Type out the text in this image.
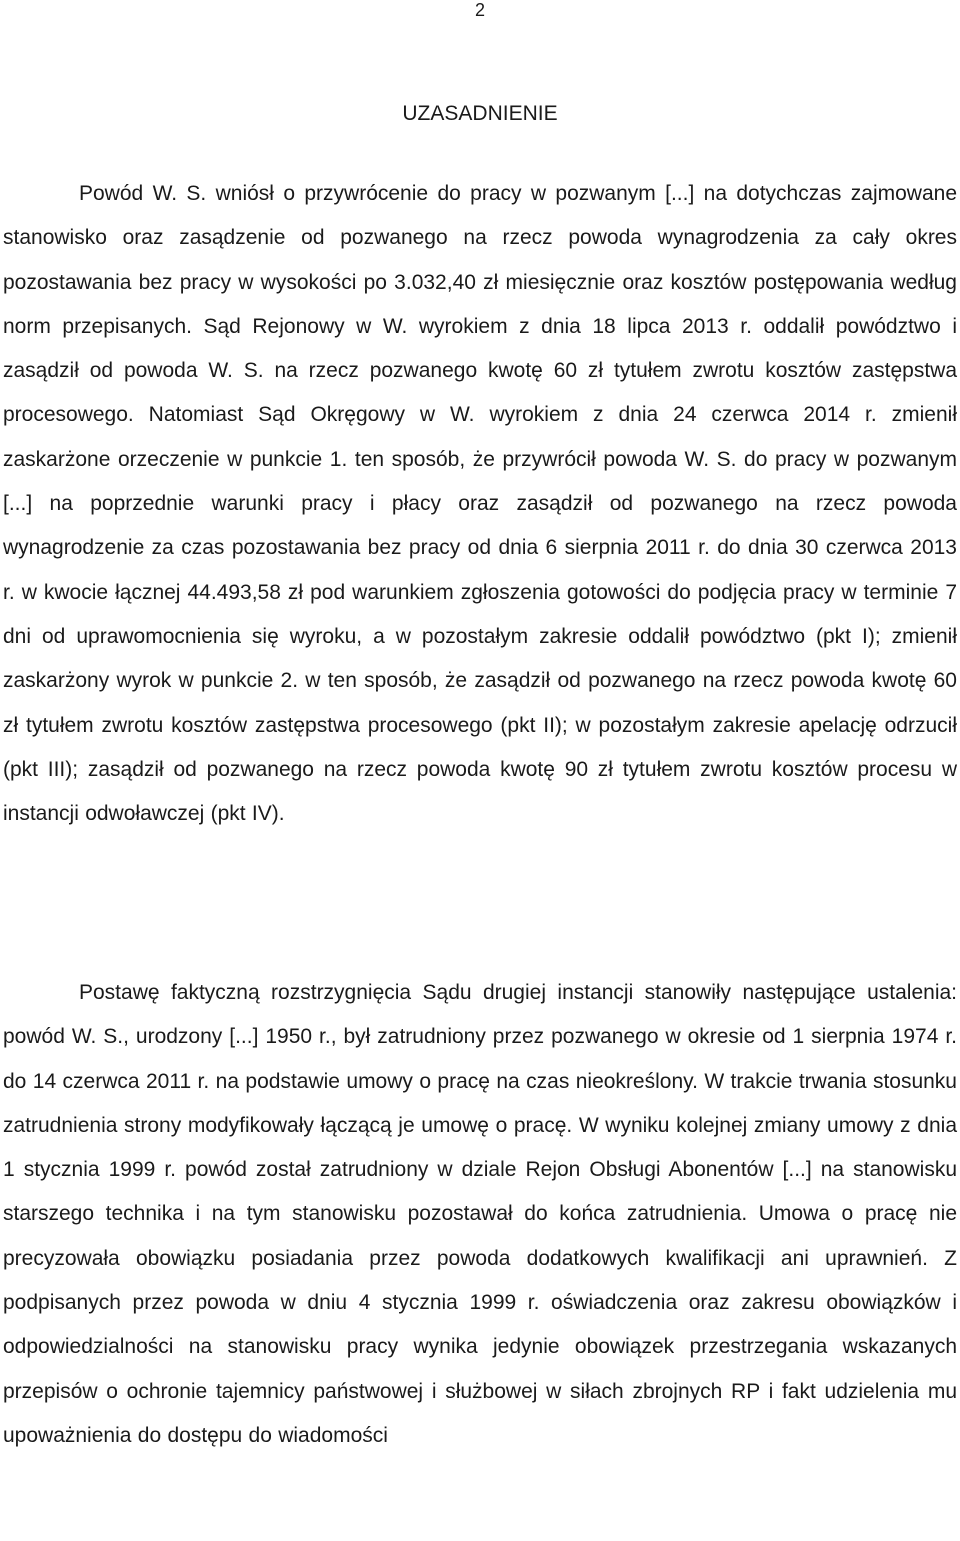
2
UZASADNIENIE

Powód W. S. wniósł o przywrócenie do pracy w pozwanym [...] na dotychczas zajmowane stanowisko oraz zasądzenie od pozwanego na rzecz powoda wynagrodzenia za cały okres pozostawania bez pracy w wysokości po 3.032,40 zł miesięcznie oraz kosztów postępowania według norm przepisanych. Sąd Rejonowy w W. wyrokiem z dnia 18 lipca 2013 r. oddalił powództwo i zasądził od powoda W. S. na rzecz pozwanego kwotę 60 zł tytułem zwrotu kosztów zastępstwa procesowego. Natomiast Sąd Okręgowy w W. wyrokiem z dnia 24 czerwca 2014 r. zmienił zaskarżone orzeczenie w punkcie 1. ten sposób, że przywrócił powoda W. S. do pracy w pozwanym [...] na poprzednie warunki pracy i płacy oraz zasądził od pozwanego na rzecz powoda wynagrodzenie za czas pozostawania bez pracy od dnia 6 sierpnia 2011 r. do dnia 30 czerwca 2013 r. w kwocie łącznej 44.493,58 zł pod warunkiem zgłoszenia gotowości do podjęcia pracy w terminie 7 dni od uprawomocnienia się wyroku, a w pozostałym zakresie oddalił powództwo (pkt I); zmienił zaskarżony wyrok w punkcie 2. w ten sposób, że zasądził od pozwanego na rzecz powoda kwotę 60 zł tytułem zwrotu kosztów zastępstwa procesowego (pkt II); w pozostałym zakresie apelację odrzucił (pkt III); zasądził od pozwanego na rzecz powoda kwotę 90 zł tytułem zwrotu kosztów procesu w instancji odwoławczej (pkt IV).

Postawę faktyczną rozstrzygnięcia Sądu drugiej instancji stanowiły następujące ustalenia: powód W. S., urodzony [...] 1950 r., był zatrudniony przez pozwanego w okresie od 1 sierpnia 1974 r. do 14 czerwca 2011 r. na podstawie umowy o pracę na czas nieokreślony. W trakcie trwania stosunku zatrudnienia strony modyfikowały łączącą je umowę o pracę. W wyniku kolejnej zmiany umowy z dnia 1 stycznia 1999 r. powód został zatrudniony w dziale Rejon Obsługi Abonentów [...] na stanowisku starszego technika i na tym stanowisku pozostawał do końca zatrudnienia. Umowa o pracę nie precyzowała obowiązku posiadania przez powoda dodatkowych kwalifikacji ani uprawnień. Z podpisanych przez powoda w dniu 4 stycznia 1999 r. oświadczenia oraz zakresu obowiązków i odpowiedzialności na stanowisku pracy wynika jedynie obowiązek przestrzegania wskazanych przepisów o ochronie tajemnicy państwowej i służbowej w siłach zbrojnych RP i fakt udzielenia mu upoważnienia do dostępu do wiadomości
